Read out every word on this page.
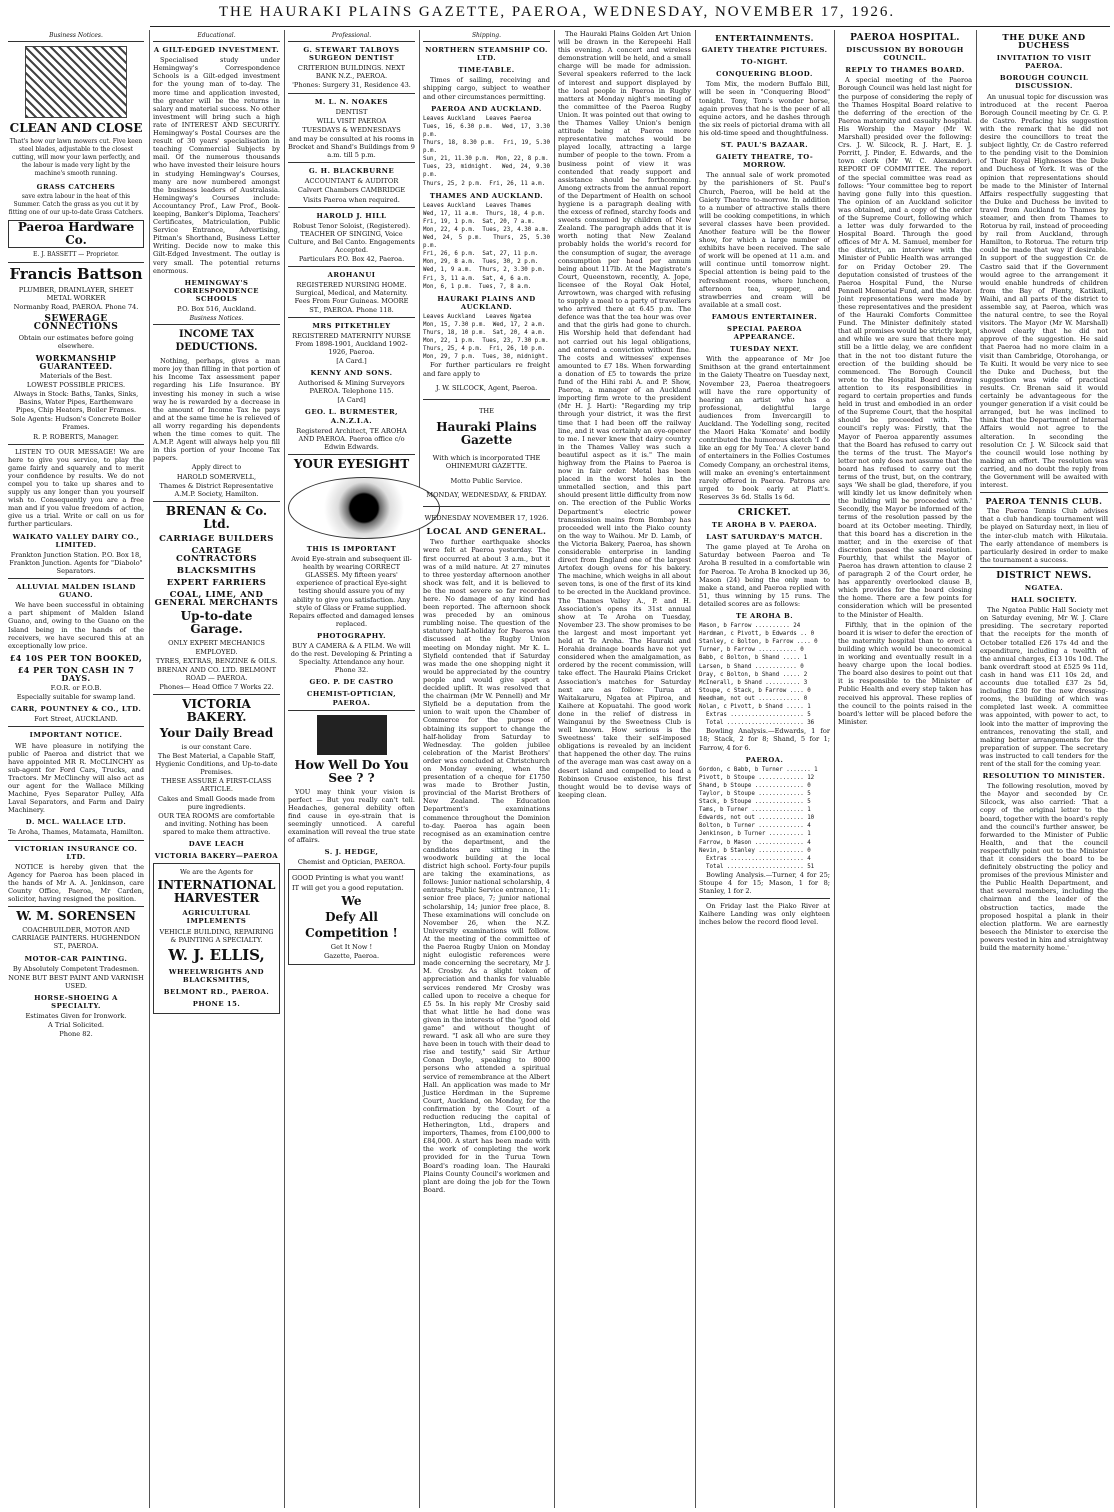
THE HAURAKI PLAINS GAZETTE, PAEROA, WEDNESDAY, NOVEMBER 17, 1926.
Business Notices.
CLEAN AND CLOSE

That's how our lawn mowers cut. Five keen steel blades, adjustable to the closest cutting, will mow your lawn perfectly, and the labour is made very light by the machine's smooth running.

GRASS CATCHERS

save extra labour in the heat of this Summer. Catch the grass as you cut it by fitting one of our up-to-date Grass Catchers.

Paeroa Hardware Co.

E. J. BASSETT — Proprietor.

Francis Battson

PLUMBER, DRAINLAYER, SHEET METAL WORKER

Normanby Road, PAEROA. Phone 74.

SEWERAGE CONNECTIONS

Obtain our estimates before going elsewhere.

WORKMANSHIP GUARANTEED.

Materials of the Best.

LOWEST POSSIBLE PRICES.

Always in Stock: Baths, Tanks, Sinks, Basins, Water Pipes, Earthenware Pipes, Chip Heaters, Boiler Frames.

Sole Agents: Hudson's Concrete Boiler Frames.

R. P. ROBERTS, Manager.

LISTEN TO OUR MESSAGE! We are here to give you service, to play the game fairly and squarely and to merit your confidence by results. We do not compel you to take up shares and to supply us any longer than you yourself wish to. Consequently you are a free man and if you value freedom of action, give us a trial. Write or call on us for further particulars.

WAIKATO VALLEY DAIRY CO., LIMITED.

Frankton Junction Station. P.O. Box 18, Frankton Junction. Agents for "Diabolo" Separators.

ALLUVIAL MALDEN ISLAND GUANO.

We have been successful in obtaining a part shipment of Malden Island Guano, and, owing to the Guano on the Island being in the hands of the receivers, we have secured this at an exceptionally low price.

£4 10S PER TON BOOKED,
£4 PER TON CASH IN 7 DAYS.

F.O.R. or F.O.B.

Especially suitable for swamp land.

CARR, POUNTNEY & CO., LTD.

Fort Street, AUCKLAND.

IMPORTANT NOTICE.

WE have pleasure in notifying the public of Paeroa and district that we have appointed MR R. McCLINCHY as sub-agent for Ford Cars, Trucks, and Tractors. Mr McClinchy will also act as our agent for the Wallace Milking Machine, Fyes Separator Pulley, Alfa Laval Separators, and Farm and Dairy Machinery.

D. MCL. WALLACE LTD.

Te Aroha, Thames, Matamata, Hamilton.

VICTORIAN INSURANCE CO. LTD.

NOTICE is hereby given that the Agency for Paeroa has been placed in the hands of Mr A. A. Jenkinson, care County Office, Paeroa, Mr Carden, solicitor, having resigned the position.

W. M. SORENSEN

COACHBUILDER, MOTOR AND CARRIAGE PAINTERS. HUGHENDON ST., PAEROA.

MOTOR-CAR PAINTING.

By Absolutely Competent Tradesmen.

NONE BUT BEST PAINT AND VARNISH USED.

HORSE-SHOEING A SPECIALTY.

Estimates Given for Ironwork.

A Trial Solicited.

Phone 82.

Educational.
A GILT-EDGED INVESTMENT.

Specialised study under Hemingway's Correspondence Schools is a Gilt-edged investment for the young man of to-day. The more time and application invested, the greater will be the returns in salary and material success. No other investment will bring such a high rate of INTEREST AND SECURITY. Hemingway's Postal Courses are the result of 30 years' specialisation in teaching Commercial Subjects by mail. Of the numerous thousands who have invested their leisure hours in studying Hemingway's Courses, many are now numbered amongst the business leaders of Australasia. Hemingway's Courses include: Accountancy Prof., Law Prof., Book-keeping, Banker's Diploma, Teachers' Certificates, Matriculation, Public Service Entrance, Advertising, Pitman's Shorthand, Business Letter Writing. Decide now to make this Gilt-Edged Investment. The outlay is very small. The potential returns enormous.

HEMINGWAY'S CORRESPONDENCE SCHOOLS

P.O. Box 516, Auckland.

Business Notices.
INCOME TAX DEDUCTIONS.

Nothing, perhaps, gives a man more joy than filling in that portion of his Income Tax assessment paper regarding his Life Insurance. BY investing his money in such a wise way he is rewarded by a decrease in the amount of Income Tax he pays and at the same time he is relieved of all worry regarding his dependents when the time comes to quit. The A.M.P. Agent will always help you fill in this portion of your Income Tax papers.

Apply direct to

HAROLD SOMERVELL,

Thames & District Representative A.M.P. Society, Hamilton.

BRENAN & Co. Ltd.
CARRIAGE BUILDERS
CARTAGE CONTRACTORS
BLACKSMITHS
EXPERT FARRIERS
COAL, LIME, AND GENERAL MERCHANTS
Up-to-date Garage.

ONLY EXPERT MECHANICS EMPLOYED.

TYRES, EXTRAS, BENZINE & OILS.

BRENAN AND CO. LTD. BELMONT ROAD — PAEROA.

Phones— Head Office 7 Works 22.

VICTORIA BAKERY.
Your Daily Bread

is our constant Care.

The Best Material, a Capable Staff, Hygienic Conditions, and Up-to-date Premises.

THESE ASSURE A FIRST-CLASS ARTICLE.

Cakes and Small Goods made from pure ingredients.

OUR TEA ROOMS are comfortable and inviting. Nothing has been spared to make them attractive.

DAVE LEACH
VICTORIA BAKERY—PAEROA

We are the Agents for

INTERNATIONAL HARVESTER
AGRICULTURAL IMPLEMENTS

VEHICLE BUILDING, REPAIRING & PAINTING A SPECIALTY.

W. J. ELLIS,
WHEELWRIGHTS AND BLACKSMITHS,
BELMONT RD., PAEROA.
PHONE 15.
Professional.
G. STEWART TALBOYS SURGEON DENTIST

CRITERION BUILDINGS. NEXT BANK N.Z., PAEROA.

'Phones: Surgery 31, Residence 43.

M. L. N. NOAKES

DENTIST

WILL VISIT PAEROA

TUESDAYS & WEDNESDAYS

and may be consulted at his rooms in Brocket and Shand's Buildings from 9 a.m. till 5 p.m.

G. H. BLACKBURNE

ACCOUNTANT & AUDITOR

Calvert Chambers CAMBRIDGE

Visits Paeroa when required.

HAROLD J. HILL

Robust Tenor Soloist, (Registered). TEACHER OF SINGING, Voice Culture, and Bel Canto. Engagements Accepted.

Particulars P.O. Box 42, Paeroa.

AROHANUI

REGISTERED NURSING HOME. Surgical, Medical, and Maternity. Fees From Four Guineas. MOORE ST., PAEROA. Phone 118.

MRS PITKETHLEY

REGISTERED MATERNITY NURSE From 1898-1901, Auckland 1902-1926, Paeroa.

[A Card.]

KENNY AND SONS.

Authorised & Mining Surveyors PAEROA. Telephone 115.

[A Card]

GEO. L. BURMESTER, A.N.Z.I.A.

Registered Architect, TE AROHA AND PAEROA. Paeroa office c/o Edwin Edwards.

YOUR EYESIGHT
THIS IS IMPORTANT

Avoid Eye-strain and subsequent ill-health by wearing CORRECT GLASSES. My fifteen years' experience of practical Eye-sight testing should assure you of my ability to give you satisfaction. Any style of Glass or Frame supplied. Repairs effected and damaged lenses replaced.

PHOTOGRAPHY.

BUY A CAMERA & A FILM. We will do the rest. Developing & Printing a Specialty. Attendance any hour. Phone 32.

GEO. P. DE CASTRO
CHEMIST-OPTICIAN, PAEROA.
How Well Do You See ? ?

YOU may think your vision is perfect — But you really can't tell. Headaches, general debility often find cause in eye-strain that is seemingly unnoticed. A careful examination will reveal the true state of affairs.

S. J. HEDGE,

Chemist and Optician, PAEROA.

GOOD Printing is what you want!

IT will get you a good reputation.

We
Defy All
Competition !

Get It Now !

Gazette, Paeroa.

Shipping.
NORTHERN STEAMSHIP CO. LTD.
TIME-TABLE.

Times of sailing, receiving and shipping cargo, subject to weather and other circumstances permitting.

PAEROA AND AUCKLAND.
Leaves Auckland   Leaves Paeroa
Tues, 16, 6.30 p.m.  Wed, 17, 3.30 p.m.
Thurs, 18, 8.30 p.m.  Fri, 19, 5.30 p.m.
Sun, 21, 11.30 p.m.  Mon, 22, 8 p.m.
Tues, 23, midnight.  Wed, 24, 9.30 p.m.
Thurs, 25, 2 p.m.  Fri, 26, 11 a.m.
THAMES AND AUCKLAND.
Leaves Auckland   Leaves Thames
Wed, 17, 11 a.m.  Thurs, 18, 4 p.m.
Fri, 19, 1 p.m.  Sat, 20, 7 a.m.
Mon, 22, 4 p.m.  Tues, 23, 4.30 a.m.
Wed, 24, 5 p.m.  Thurs, 25, 5.30 p.m.
Fri, 26, 6 p.m.  Sat, 27, 11 p.m.
Mon, 29, 8 a.m.  Tues, 30, 2 p.m.
Wed, 1, 9 a.m.  Thurs, 2, 3.30 p.m.
Fri, 3, 11 a.m.  Sat, 4, 6 a.m.
Mon, 6, 1 p.m.  Tues, 7, 8 a.m.
HAURAKI PLAINS AND AUCKLAND.
Leaves Auckland   Leaves Ngatea
Mon, 15, 7.30 p.m.  Wed, 17, 2 a.m.
Thurs, 18, 10 p.m.  Sat, 20, 4 a.m.
Mon, 22, 1 p.m.  Tues, 23, 7.30 p.m.
Thurs, 25, 4 p.m.  Fri, 26, 10 p.m.
Mon, 29, 7 p.m.  Tues, 30, midnight.

For further particulars re freight and fare apply to

J. W. SILCOCK, Agent, Paeroa.

THE

Hauraki Plains Gazette

With which is incorporated THE OHINEMURI GAZETTE.

Motto Public Service.

MONDAY, WEDNESDAY, & FRIDAY.

WEDNESDAY NOVEMBER 17, 1926.

LOCAL AND GENERAL.

Two further earthquake shocks were felt at Paeroa yesterday. The first occurred at about 3 a.m., but it was of a mild nature. At 27 minutes to three yesterday afternoon another shock was felt, and it is believed to be the most severe so far recorded here. No damage of any kind has been reported. The afternoon shock was preceded by an ominous rumbling noise. The question of the statutory half-holiday for Paeroa was discussed at the Rugby Union meeting on Monday night. Mr K. L. Slyfield contended that if Saturday was made the one shopping night it would be appreciated by the country people and would give sport a decided uplift. It was resolved that the chairman (Mr W. Pennell) and Mr Slyfield be a deputation from the union to wait upon the Chamber of Commerce for the purpose of obtaining its support to change the half-holiday from Saturday to Wednesday. The golden jubilee celebration of the Marist Brothers' order was concluded at Christchurch on Monday evening, when the presentation of a cheque for £1750 was made to Brother Justin, provincial of the Marist Brothers of New Zealand. The Education Department's examinations commence throughout the Dominion to-day. Paeroa has again been recognised as an examination centre by the department, and the candidates are sitting in the woodwork building at the local district high school. Forty-four pupils are taking the examinations, as follows: Junior national scholarship, 4 entrants; Public Service entrance, 11; senior free place, 7; junior national scholarship, 14; junior free place, 8. These examinations will conclude on November 26, when the N.Z. University examinations will follow. At the meeting of the committee of the Paeroa Rugby Union on Monday night eulogistic references were made concerning the secretary, Mr J. M. Crosby. As a slight token of appreciation and thanks for valuable services rendered Mr Crosby was called upon to receive a cheque for £5 5s. In his reply Mr Crosby said that what little he had done was given in the interests of the "good old game" and without thought of reward. "I ask all who are sure they have been in touch with their dead to rise and testify," said Sir Arthur Conan Doyle, speaking to 8000 persons who attended a spiritual service of remembrance at the Albert Hall. An application was made to Mr Justice Herdman in the Supreme Court, Auckland, on Monday, for the confirmation by the Court of a reduction reducing the capital of Hetherington, Ltd., drapers and importers, Thames, from £100,000 to £84,000. A start has been made with the work of completing the work provided for in the Turua Town Board's roading loan. The Hauraki Plains County Council's workmen and plant are doing the job for the Town Board.

The Hauraki Plains Golden Art Union will be drawn in the Kerepeehi Hall this evening. A concert and wireless demonstration will be held, and a small charge will be made for admission. Several speakers referred to the lack of interest and support displayed by the local people in Paeroa in Rugby matters at Monday night's meeting of the committee of the Paeroa Rugby Union. It was pointed out that owing to the Thames Valley Union's benign attitude being at Paeroa more representative matches would be played locally, attracting a large number of people to the town. From a business point of view it was contended that ready support and assistance should be forthcoming. Among extracts from the annual report of the Department of Health on school hygiene is a paragraph dealing with the excess of refined, starchy foods and sweets consumed by children of New Zealand. The paragraph adds that it is worth noting that New Zealand probably holds the world's record for the consumption of sugar, the average consumption per head per annum being about 117lb. At the Magistrate's Court, Queenstown, recently, A. Jope, licensee of the Royal Oak Hotel, Arrowtown, was charged with refusing to supply a meal to a party of travellers who arrived there at 6.45 p.m. The defence was that the tea hour was over and that the girls had gone to church. His Worship held that defendant had not carried out his legal obligations, and entered a conviction without fine. The costs and witnesses' expenses amounted to £7 18s. When forwarding a donation of £5 to towards the prize fund of the Hihi rabi A. and P. Show, Paeroa, a manager of an Auckland importing firm wrote to the president (Mr H. J. Hart): "Regarding my trip through your district, it was the first time that I had been off the railway line, and it was certainly an eye-opener to me. I never knew that dairy country in the Thames Valley was such a beautiful aspect as it is." The main highway from the Plains to Paeroa is now in fair order. Metal has been placed in the worst holes in the unmetalled section, and this part should present little difficulty from now on. The erection of the Public Works Department's electric power transmission mains from Bombay has proceeded well into the Piako county on the way to Waihou. Mr D. Lamb, of the Victoria Bakery, Paeroa, has shown considerable enterprise in landing direct from England one of the largest Artofex dough ovens for his bakery. The machine, which weighs in all about seven tons, is one of the first of its kind to be erected in the Auckland province. The Thames Valley A., P. and H. Association's opens its 31st annual show at Te Aroha on Tuesday, November 23. The show promises to be the largest and most important yet held at Te Aroha. The Hauraki and Horahia drainage boards have not yet considered when the amalgamation, as ordered by the recent commission, will take effect. The Hauraki Plains Cricket Association's matches for Saturday next are as follow: Turua at Waitakaruru, Ngatea at Pipiroa, and Kaihere at Kopuatahi. The good work done in the relief of distress in Wainganui by the Sweetness Club is well known. How serious is the Sweetness' take their self-imposed obligations is revealed by an incident that happened the other day. The ruins of the average man was cast away on a desert island and compelled to lead a Robinson Crusoe existence, his first thought would be to devise ways of keeping clean.

ENTERTAINMENTS.
GAIETY THEATRE PICTURES.
TO-NIGHT.
CONQUERING BLOOD.

Tom Mix, the modern Buffalo Bill, will be seen in "Conquering Blood" tonight. Tony, Tom's wonder horse, again proves that he is the peer of all equine actors, and he dashes through the six reels of pictorial drama with all his old-time speed and thoughtfulness.

ST. PAUL'S BAZAAR.
GAIETY THEATRE, TO-MORROW.

The annual sale of work promoted by the parishioners of St. Paul's Church, Paeroa, will be held at the Gaiety Theatre to-morrow. In addition to a number of attractive stalls there will be cooking competitions, in which several classes have been provided. Another feature will be the flower show, for which a large number of exhibits have been received. The sale of work will be opened at 11 a.m. and will continue until tomorrow night. Special attention is being paid to the refreshment rooms, where luncheon, afternoon tea, supper, and strawberries and cream will be available at a small cost.

FAMOUS ENTERTAINER.
SPECIAL PAEROA APPEARANCE.
TUESDAY NEXT.

With the appearance of Mr Joe Smithson at the grand entertainment in the Gaiety Theatre on Tuesday next, November 23, Paeroa theatregoers will have the rare opportunity of hearing an artist who has a professional, delightful large audiences from Invercargill to Auckland. The Yodelling song, recited the Maori Haka 'Komate' and bodily contributed the humorous sketch 'I do like an egg for My Tea.' A clever band of entertainers in the Follies Costumes Comedy Company, an orchestral items, will make an evening's entertainment rarely offered in Paeroa. Patrons are urged to book early at Platt's. Reserves 3s 6d. Stalls 1s 6d.

CRICKET.
TE AROHA B V. PAEROA.
LAST SATURDAY'S MATCH.

The game played at Te Aroha on Saturday between Paeroa and Te Aroha B resulted in a comfortable win for Paeroa. Te Aroha B knocked up 36, Mason (24) being the only man to make a stand, and Paeroa replied with 51, thus winning by 15 runs. The detailed scores are as follows:

TE AROHA B.
Mason, b Farrow .......... 24
Hardman, c Pivott, b Edwards .. 0
Stanley, c Bolton, b Farrow .... 0
Turner, b Farrow ........... 0
Babb, c Bolton, b Shand ..... 1
Larsen, b Shand ............ 0
Dray, c Bolton, b Shand ..... 2
McInerall, b Shand .......... 3
Stoupe, c Stack, b Farrow .... 0
Needham, not out ............ 0
Nolan, c Pivott, b Shand ..... 1
Extras ..................... 5
Total ...................... 36

Bowling Analysis.—Edwards, 1 for 18; Stack, 2 for 8; Shand, 5 for 1; Farrow, 4 for 6.

PAEROA.
Gordon, c Babb, b Turner ....... 1
Pivott, b Stoupe ............. 12
Shand, b Stoupe .............. 0
Taylor, b Stoupe ............. 5
Stack, b Stoupe .............. 5
Tams, b Turner ............... 1
Edwards, not out ............. 10
Bolton, b Turner ............. 4
Jenkinson, b Turner .......... 1
Farrow, b Mason .............. 4
Nevin, b Stanley ............. 0
Extras ..................... 4
Total ...................... 51

Bowling Analysis.—Turner, 4 for 25; Stoupe 4 for 15; Mason, 1 for 8; Stanley, 1 for 2.

On Friday last the Piako River at Kaihere Landing was only eighteen inches below the record flood level.

PAEROA HOSPITAL.
DISCUSSION BY BOROUGH COUNCIL.
REPLY TO THAMES BOARD.

A special meeting of the Paeroa Borough Council was held last night for the purpose of considering the reply of the Thames Hospital Board relative to the deferring of the erection of the Paeroa maternity and casualty hospital. His Worship the Mayor (Mr W. Marshall) presided over the following: Crs. J. W. Silcock, R. J. Hart, E. J. Porritt, J. Pinder, E. Edwards, and the town clerk (Mr W. C. Alexander). REPORT OF COMMITTEE. The report of the special committee was read as follows: "Your committee beg to report having gone fully into this question. The opinion of an Auckland solicitor was obtained, and a copy of the order of the Supreme Court, following which a letter was duly forwarded to the Hospital Board. Through the good offices of Mr A. M. Samuel, member for the district, an interview with the Minister of Public Health was arranged for on Friday October 29. The deputation consisted of trustees of the Paeroa Hospital Fund, the Nurse Pennell Memorial Fund, and the Mayor. Joint representations were made by these representatives and the president of the Hauraki Comforts Committee Fund. The Minister definitely stated that all promises would be strictly kept, and while we are sure that there may still be a little delay, we are confident that in the not too distant future the erection of the building should be commenced. The Borough Council wrote to the Hospital Board drawing attention to its responsibilities in regard to certain properties and funds held in trust and embodied in an order of the Supreme Court, that the hospital should be proceeded with. The council's reply was: Firstly, that the Mayor of Paeroa apparently assumes that the Board has refused to carry out the terms of the trust. The Mayor's letter not only does not assume that the board has refused to carry out the terms of the trust, but, on the contrary, says 'We shall be glad, therefore, if you will kindly let us know definitely when the building will be proceeded with.' Secondly, the Mayor be informed of the terms of the resolution passed by the board at its October meeting. Thirdly, that this board has a discretion in the matter, and in the exercise of that discretion passed the said resolution. Fourthly, that whilst the Mayor of Paeroa has drawn attention to clause 2 of paragraph 2 of the Court order, he has apparently overlooked clause B, which provides for the board closing the home. There are a few points for consideration which will be presented to the Minister of Health.

Fifthly, that in the opinion of the board it is wiser to defer the erection of the maternity hospital than to erect a building which would be uneconomical in working and eventually result in a heavy charge upon the local bodies. The board also desires to point out that it is responsible to the Minister of Public Health and every step taken has received his approval. These replies of the council to the points raised in the board's letter will be placed before the Minister.

THE DUKE AND DUCHESS
INVITATION TO VISIT PAEROA.
BOROUGH COUNCIL DISCUSSION.

An unusual topic for discussion was introduced at the recent Paeroa Borough Council meeting by Cr. G. P. de Castro. Prefacing his suggestion with the remark that he did not desire the councillors to treat the subject lightly, Cr. de Castro referred to the pending visit to the Dominion of Their Royal Highnesses the Duke and Duchess of York. It was of the opinion that representations should be made to the Minister of Internal Affairs respectfully suggesting that the Duke and Duchess be invited to travel from Auckland to Thames by steamer, and then from Thames to Rotorua by rail, instead of proceeding by rail from Auckland, through Hamilton, to Rotorua. The return trip could be made that way if desirable. In support of the suggestion Cr. de Castro said that if the Government would agree to the arrangement it would enable hundreds of children from the Bay of Plenty, Katikati, Waihi, and all parts of the district to assemble say, at Paeroa, which was the natural centre, to see the Royal visitors. The Mayor (Mr W. Marshall) showed clearly that he did not approve of the suggestion. He said that Paeroa had no more claim in a visit than Cambridge, Otorohanga, or Te Kuiti. It would be very nice to see the Duke and Duchess, but the suggestion was wide of practical results. Cr. Brenan said it would certainly be advantageous for the younger generation if a visit could be arranged, but he was inclined to think that the Department of Internal Affairs would not agree to the alteration. In seconding the resolution Cr. J. W. Silcock said that the council would lose nothing by making an effort. The resolution was carried, and no doubt the reply from the Government will be awaited with interest.

PAEROA TENNIS CLUB.

The Paeroa Tennis Club advises that a club handicap tournament will be played on Saturday next, in lieu of the inter-club match with Hikutaia. The early attendance of members is particularly desired in order to make the tournament a success.

DISTRICT NEWS.
NGATEA.
HALL SOCIETY.

The Ngatea Public Hall Society met on Saturday evening, Mr W. J. Clare presiding. The secretary reported that the receipts for the month of October totalled £26 17s 4d and the expenditure, including a twelfth of the annual charges, £13 10s 10d. The bank overdraft stood at £525 9s 11d, cash in hand was £11 10s 2d, and accounts due totalled £37 2s 5d, including £30 for the new dressing-rooms, the building of which was completed last week. A committee was appointed, with power to act, to look into the matter of improving the entrances, renovating the stall, and making better arrangements for the preparation of supper. The secretary was instructed to call tenders for the rent of the stall for the coming year.

RESOLUTION TO MINISTER.

The following resolution, moved by the Mayor and seconded by Cr. Silcock, was also carried: 'That a copy of the original letter to the board, together with the board's reply and the council's further answer, be forwarded to the Minister of Public Health, and that the council respectfully point out to the Minister that it considers the board to be definitely obstructing the policy and promises of the previous Minister and the Public Health Department, and that several members, including the chairman and the leader of the obstruction tactics, made the proposed hospital a plank in their election platform. We are earnestly beseech the Minister to exercise the powers vested in him and straightway build the maternity home.'
